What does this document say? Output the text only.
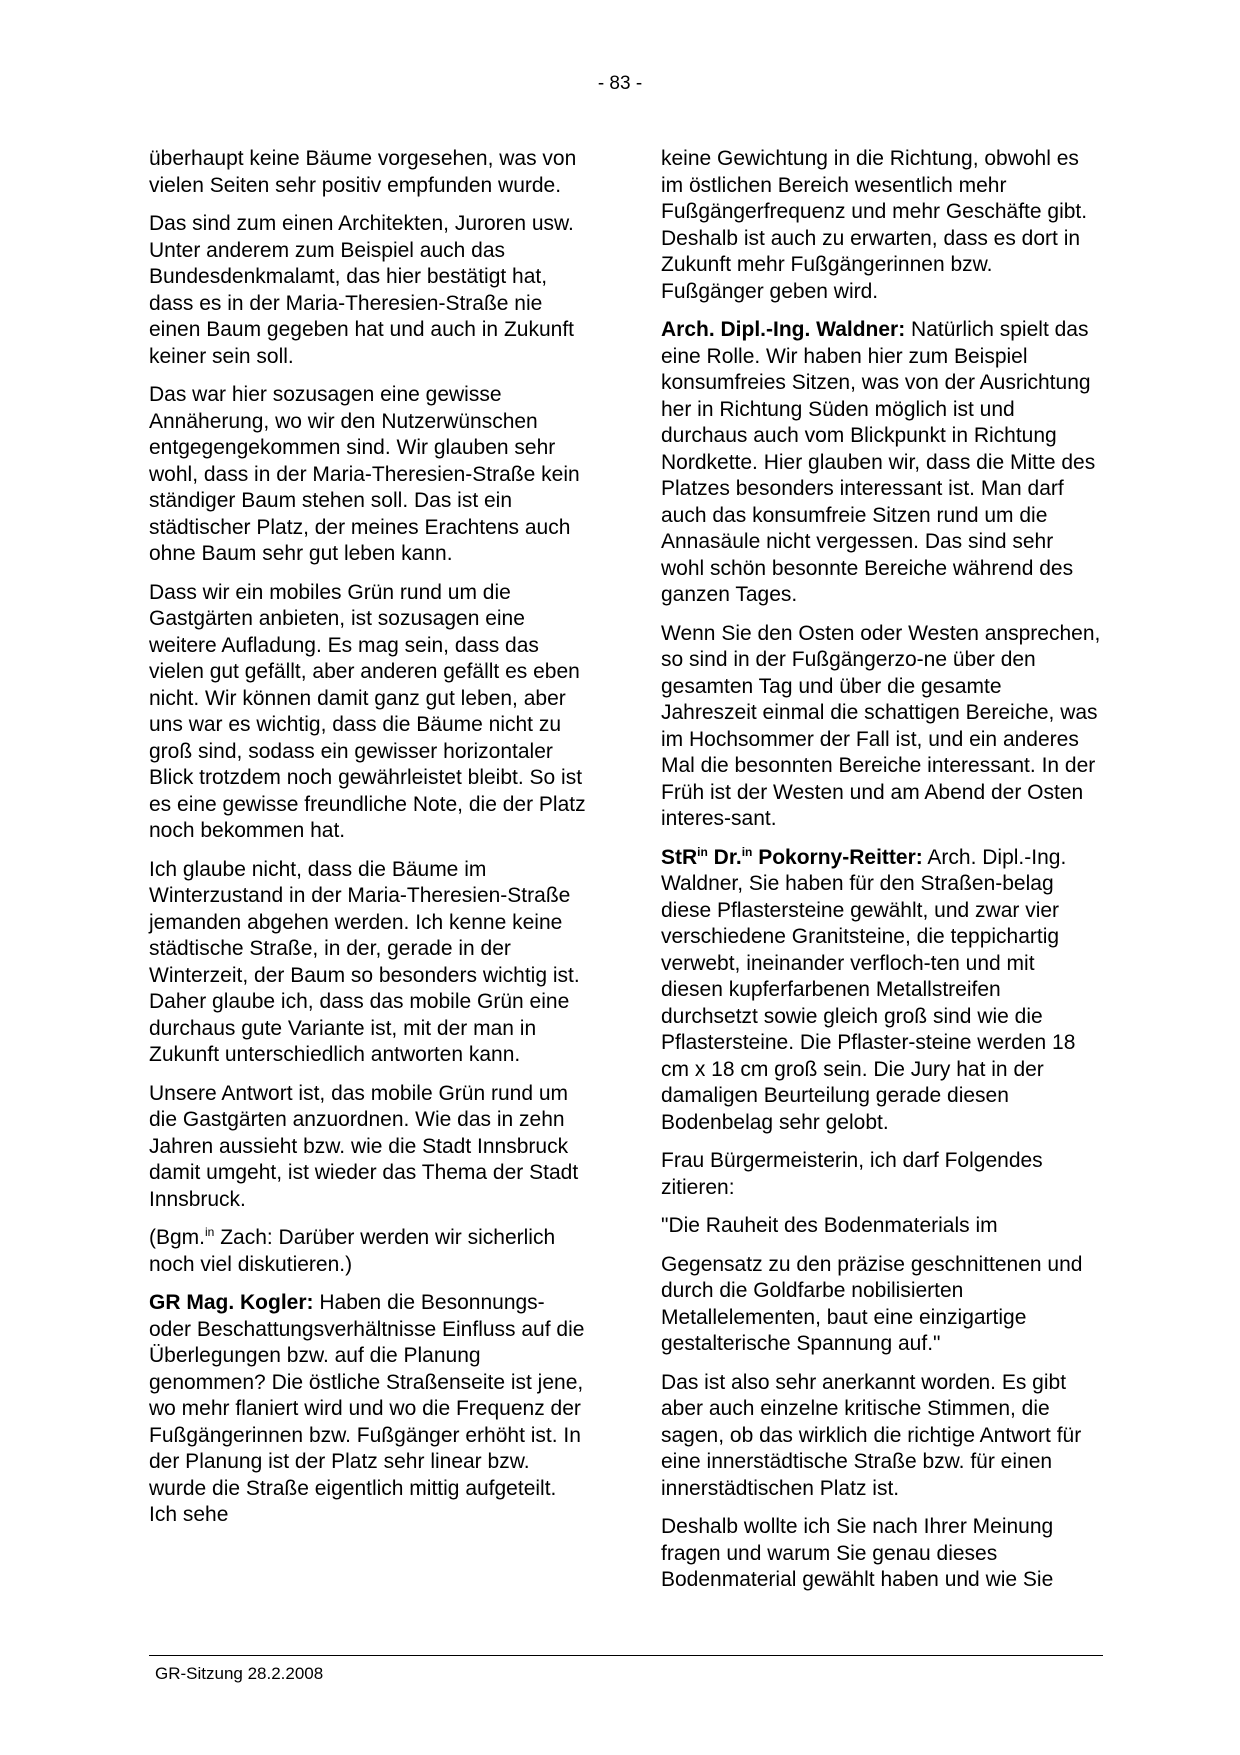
- 83 -

überhaupt keine Bäume vorgesehen, was von vielen Seiten sehr positiv empfunden wurde.

Das sind zum einen Architekten, Juroren usw. Unter anderem zum Beispiel auch das Bundesdenkmalamt, das hier bestätigt hat, dass es in der Maria-Theresien-Straße nie einen Baum gegeben hat und auch in Zukunft keiner sein soll.

Das war hier sozusagen eine gewisse Annäherung, wo wir den Nutzerwünschen entgegengekommen sind. Wir glauben sehr wohl, dass in der Maria-Theresien-Straße kein ständiger Baum stehen soll. Das ist ein städtischer Platz, der meines Erachtens auch ohne Baum sehr gut leben kann.

Dass wir ein mobiles Grün rund um die Gastgärten anbieten, ist sozusagen eine weitere Aufladung. Es mag sein, dass das vielen gut gefällt, aber anderen gefällt es eben nicht. Wir können damit ganz gut leben, aber uns war es wichtig, dass die Bäume nicht zu groß sind, sodass ein gewisser horizontaler Blick trotzdem noch gewährleistet bleibt. So ist es eine gewisse freundliche Note, die der Platz noch bekommen hat.

Ich glaube nicht, dass die Bäume im Winterzustand in der Maria-Theresien-Straße jemanden abgehen werden. Ich kenne keine städtische Straße, in der, gerade in der Winterzeit, der Baum so besonders wichtig ist. Daher glaube ich, dass das mobile Grün eine durchaus gute Variante ist, mit der man in Zukunft unterschiedlich antworten kann.

Unsere Antwort ist, das mobile Grün rund um die Gastgärten anzuordnen. Wie das in zehn Jahren aussieht bzw. wie die Stadt Innsbruck damit umgeht, ist wieder das Thema der Stadt Innsbruck.

(Bgm.$^{in}$ Zach: Darüber werden wir sicherlich noch viel diskutieren.)

GR Mag. Kogler: Haben die Besonnungs- oder Beschattungsverhältnisse Einfluss auf die Überlegungen bzw. auf die Planung genommen? Die östliche Straßenseite ist jene, wo mehr flaniert wird und wo die Frequenz der Fußgängerinnen bzw. Fußgänger erhöht ist. In der Planung ist der Platz sehr linear bzw. wurde die Straße eigentlich mittig aufgeteilt. Ich sehe

keine Gewichtung in die Richtung, obwohl es im östlichen Bereich wesentlich mehr Fußgängerfrequenz und mehr Geschäfte gibt. Deshalb ist auch zu erwarten, dass es dort in Zukunft mehr Fußgängerinnen bzw. Fußgänger geben wird.

Arch. Dipl.-Ing. Waldner: Natürlich spielt das eine Rolle. Wir haben hier zum Beispiel konsumfreies Sitzen, was von der Ausrichtung her in Richtung Süden möglich ist und durchaus auch vom Blickpunkt in Richtung Nordkette. Hier glauben wir, dass die Mitte des Platzes besonders interessant ist. Man darf auch das konsumfreie Sitzen rund um die Annasäule nicht vergessen. Das sind sehr wohl schön besonnte Bereiche während des ganzen Tages.

Wenn Sie den Osten oder Westen ansprechen, so sind in der Fußgängerzo-ne über den gesamten Tag und über die gesamte Jahreszeit einmal die schattigen Bereiche, was im Hochsommer der Fall ist, und ein anderes Mal die besonnten Bereiche interessant. In der Früh ist der Westen und am Abend der Osten interes-sant.

StR$^{in}$ Dr.$^{in}$ Pokorny-Reitter: Arch. Dipl.-Ing. Waldner, Sie haben für den Straßen-belag diese Pflastersteine gewählt, und zwar vier verschiedene Granitsteine, die teppichartig verwebt, ineinander verfloch-ten und mit diesen kupferfarbenen Metallstreifen durchsetzt sowie gleich groß sind wie die Pflastersteine. Die Pflaster-steine werden 18 cm x 18 cm groß sein. Die Jury hat in der damaligen Beurteilung gerade diesen Bodenbelag sehr gelobt.

Frau Bürgermeisterin, ich darf Folgendes zitieren:

"Die Rauheit des Bodenmaterials im

Gegensatz zu den präzise geschnittenen und durch die Goldfarbe nobilisierten Metallelementen, baut eine einzigartige gestalterische Spannung auf."

Das ist also sehr anerkannt worden. Es gibt aber auch einzelne kritische Stimmen, die sagen, ob das wirklich die richtige Antwort für eine innerstädtische Straße bzw. für einen innerstädtischen Platz ist.

Deshalb wollte ich Sie nach Ihrer Meinung fragen und warum Sie genau dieses Bodenmaterial gewählt haben und wie Sie

GR-Sitzung 28.2.2008
